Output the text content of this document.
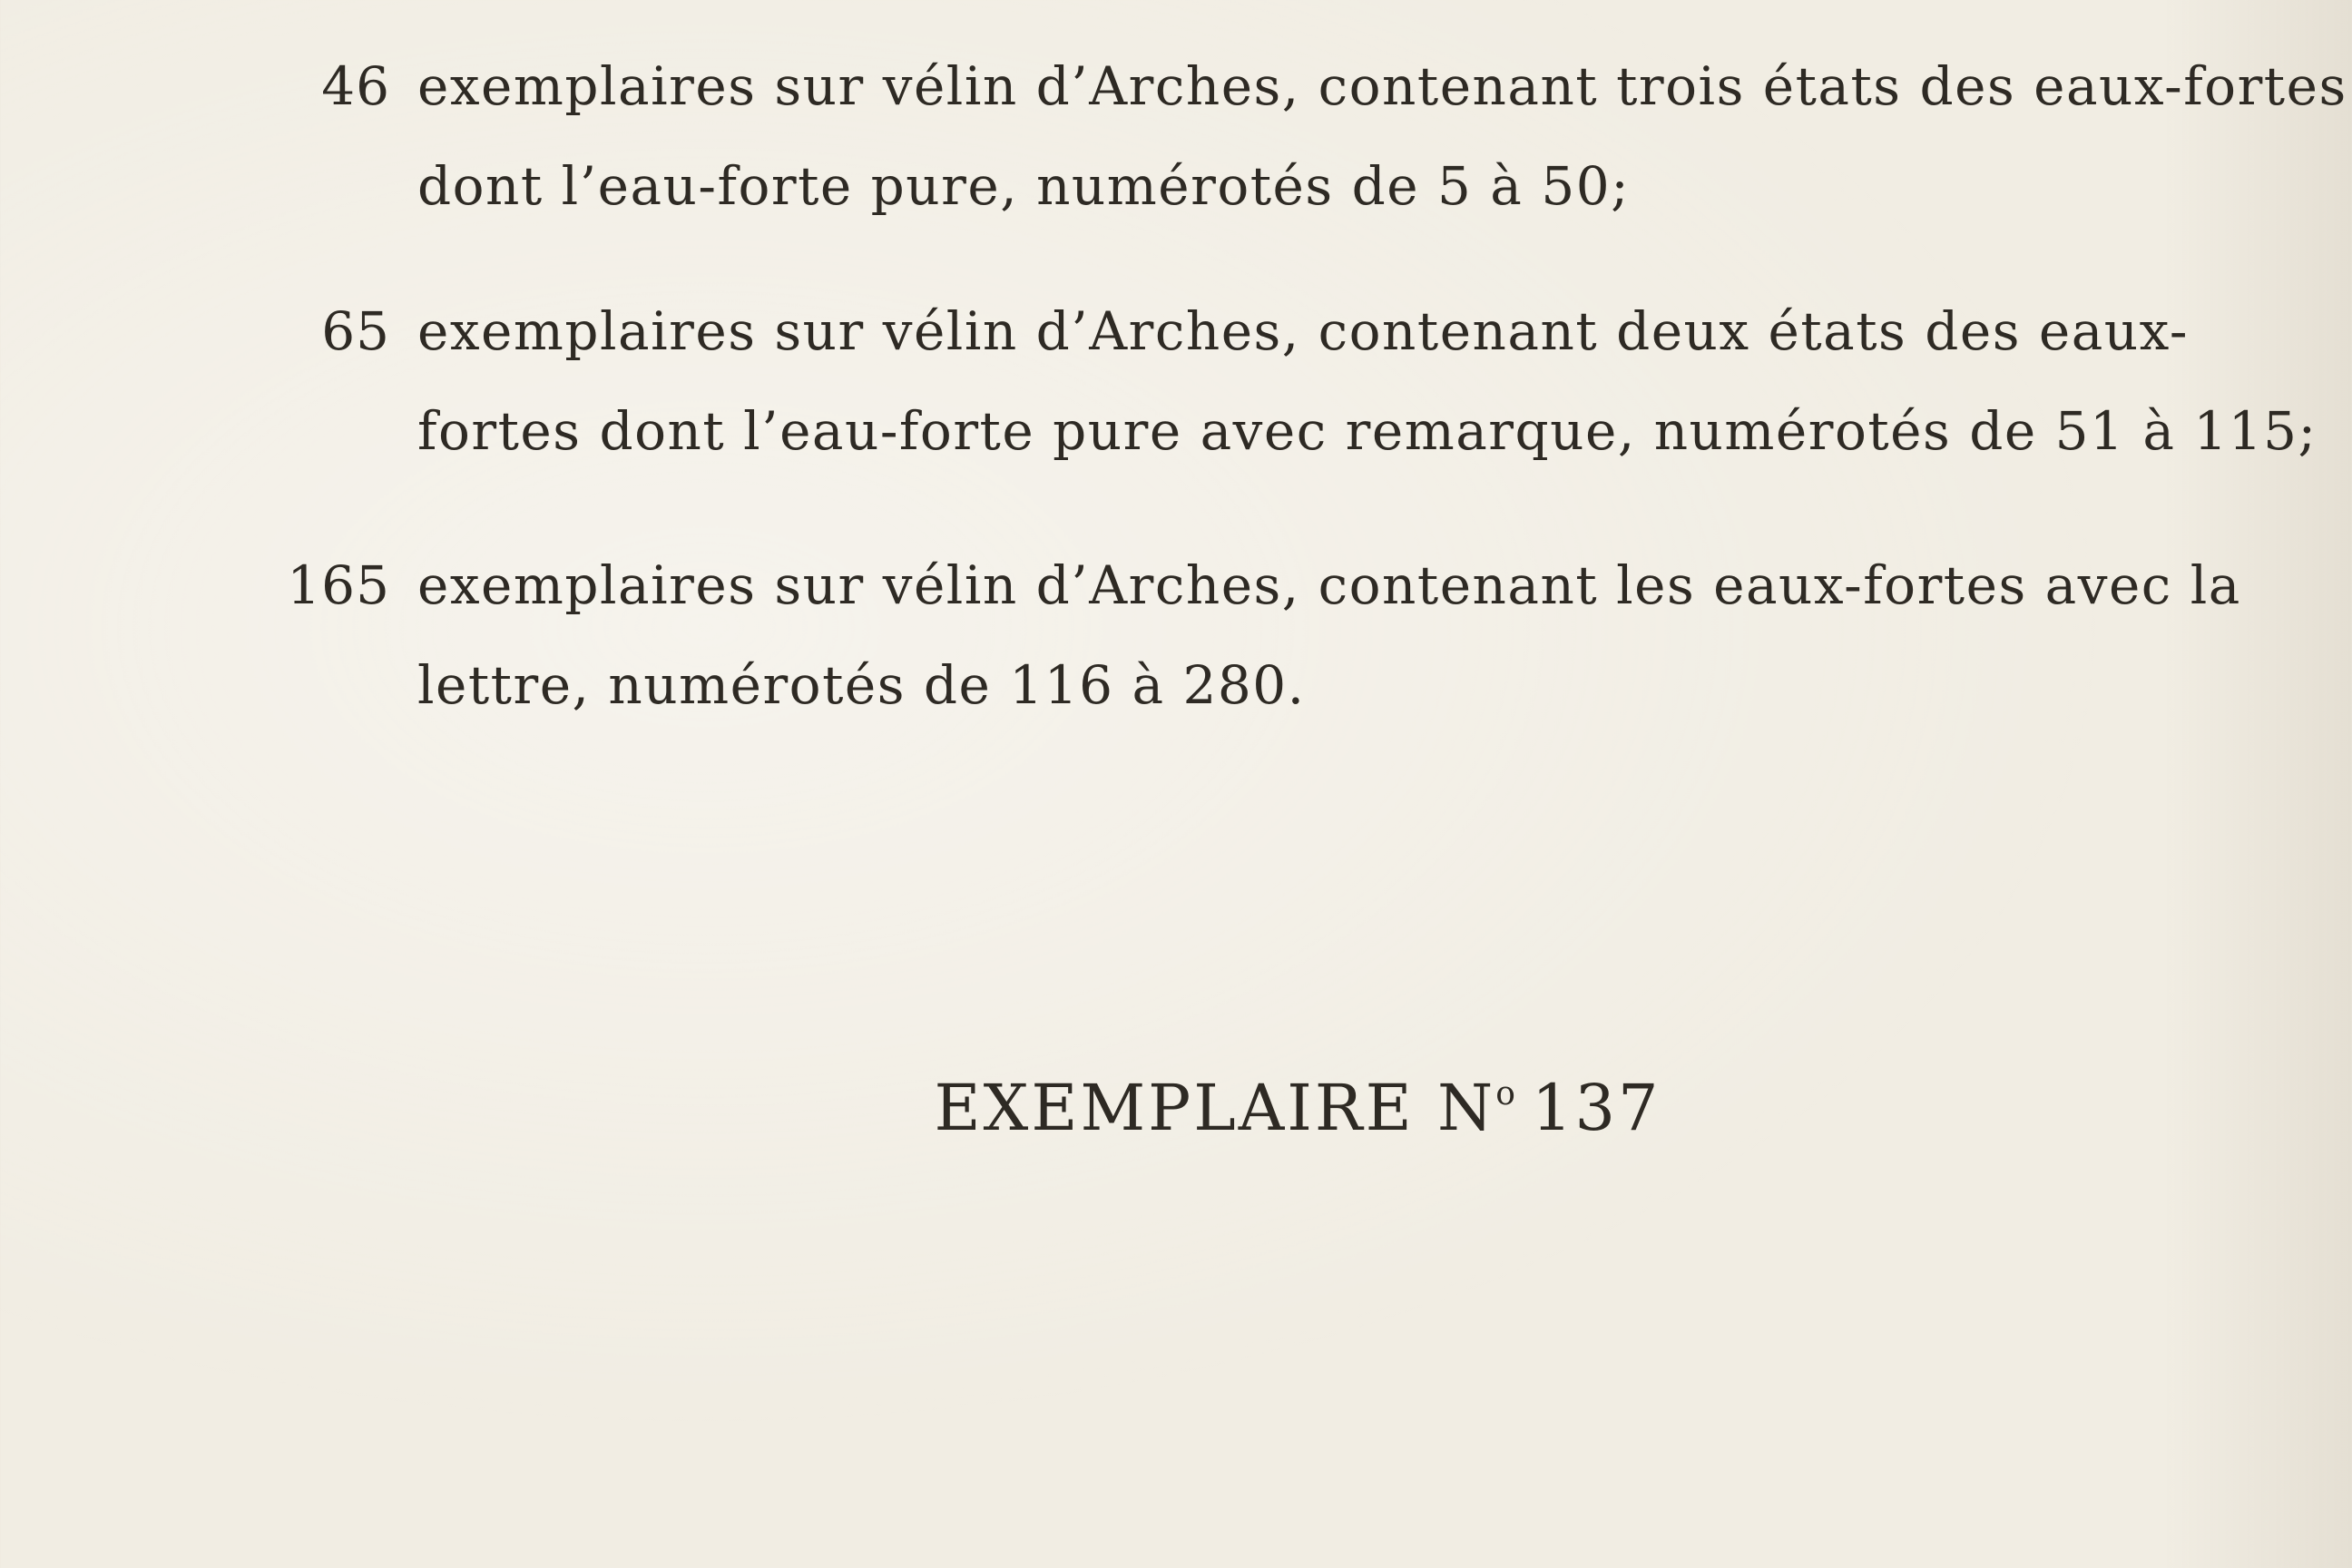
46 exemplaires sur vélin d’Arches, contenant trois états des eaux-fortes
dont l’eau-forte pure, numérotés de 5 à 50;
65 exemplaires sur vélin d’Arches, contenant deux états des eaux-
fortes dont l’eau-forte pure avec remarque, numérotés de 51 à 115;
165 exemplaires sur vélin d’Arches, contenant les eaux-fortes avec la
lettre, numérotés de 116 à 280.
EXEMPLAIRE $N^o$ 137
